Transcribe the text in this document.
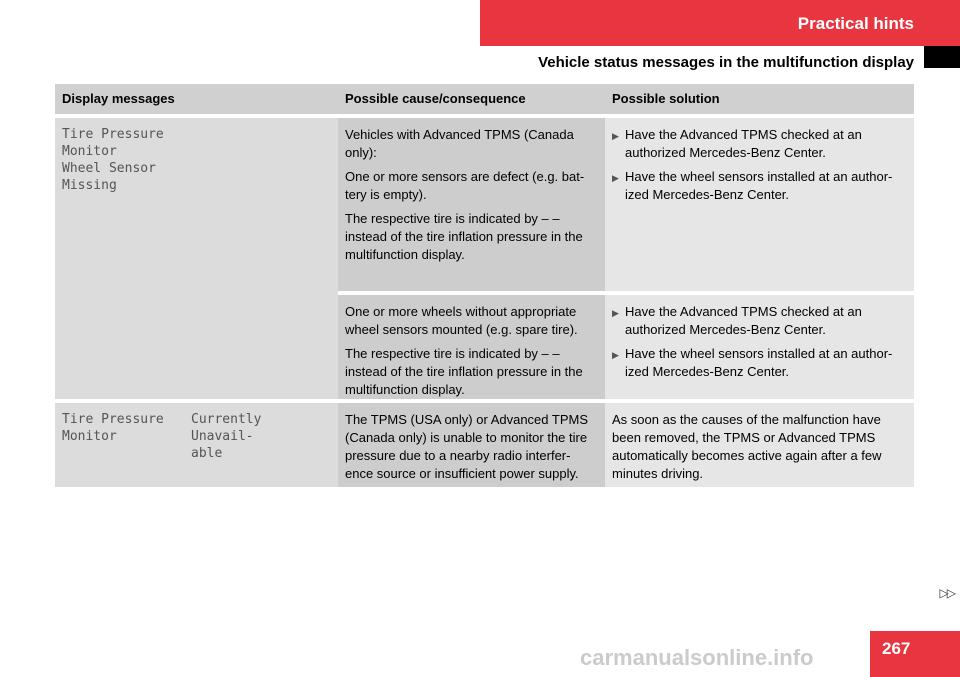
Practical hints
Vehicle status messages in the multifunction display
Display messages	Possible cause/consequence	Possible solution
Tire Pressure
Monitor
Wheel Sensor
Missing

Vehicles with Advanced TPMS (Canada only):

One or more sensors are defect (e.g. bat-tery is empty).

The respective tire is indicated by – – instead of the tire inflation pressure in the multifunction display.

▶ Have the Advanced TPMS checked at an authorized Mercedes-Benz Center.
▶ Have the wheel sensors installed at an author-ized Mercedes-Benz Center.

One or more wheels without appropriate wheel sensors mounted (e.g. spare tire).

The respective tire is indicated by – – instead of the tire inflation pressure in the multifunction display.

▶ Have the Advanced TPMS checked at an authorized Mercedes-Benz Center.
▶ Have the wheel sensors installed at an author-ized Mercedes-Benz Center.
Tire Pressure
Monitor
Currently Unavail-
able

The TPMS (USA only) or Advanced TPMS (Canada only) is unable to monitor the tire pressure due to a nearby radio interfer-ence source or insufficient power supply.

As soon as the causes of the malfunction have been removed, the TPMS or Advanced TPMS automatically becomes active again after a few minutes driving.

▷▷
267
carmanualsonline.info
